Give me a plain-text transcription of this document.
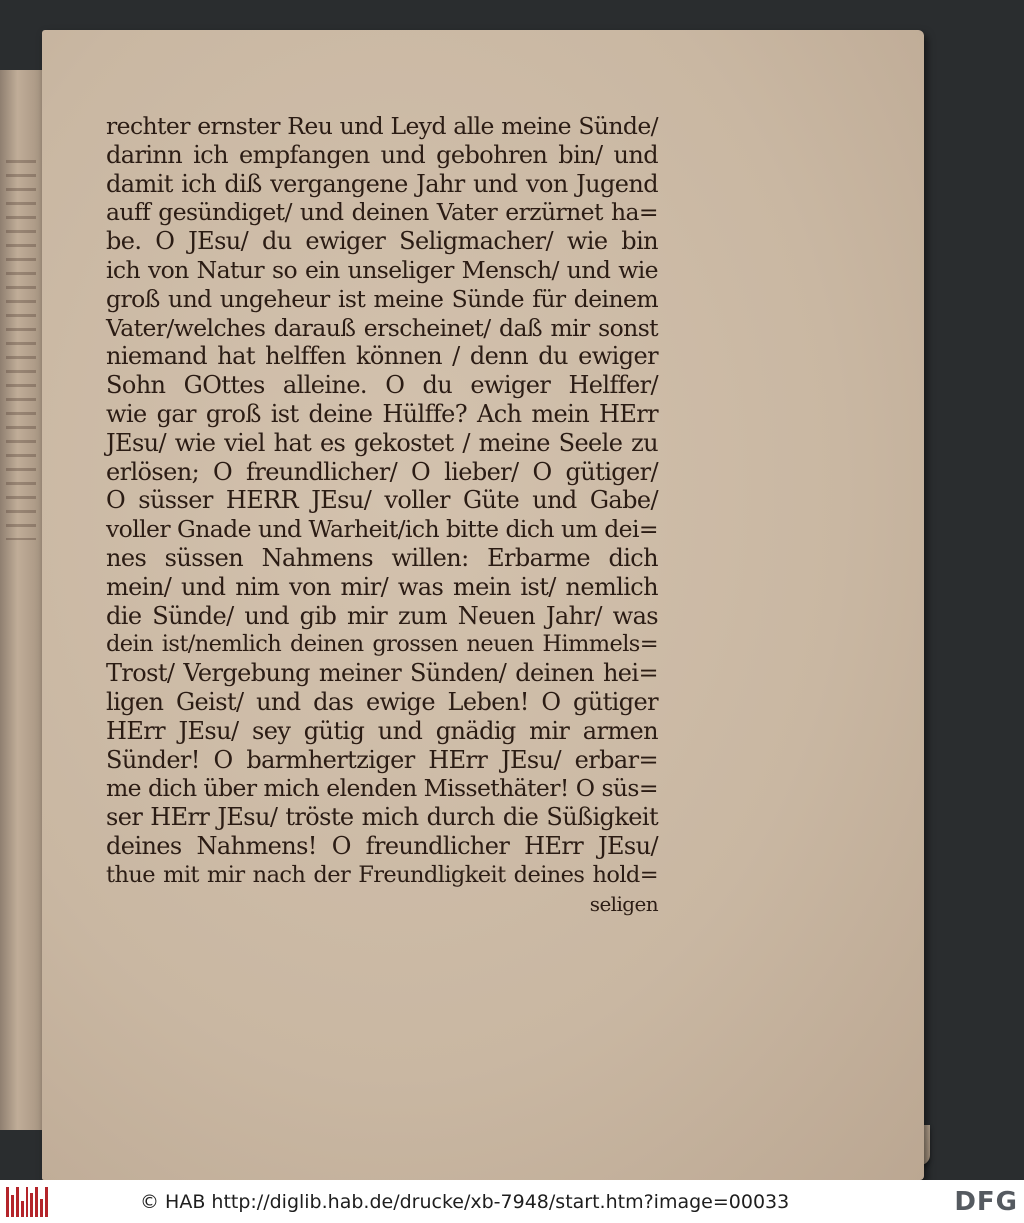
rechter ernster Reu und Leyd alle meine Sünde/
darinn ich empfangen und gebohren bin/ und
damit ich diß vergangene Jahr und von Jugend
auff gesündiget/ und deinen Vater erzürnet ha=
be. O JEsu/ du ewiger Seligmacher/ wie bin
ich von Natur so ein unseliger Mensch/ und wie
groß und ungeheur ist meine Sünde für deinem
Vater/welches darauß erscheinet/ daß mir sonst
niemand hat helffen können / denn du ewiger
Sohn GOttes alleine. O du ewiger Helffer/
wie gar groß ist deine Hülffe? Ach mein HErr
JEsu/ wie viel hat es gekostet / meine Seele zu
erlösen; O freundlicher/ O lieber/ O gütiger/
O süsser HERR JEsu/ voller Güte und Gabe/
voller Gnade und Warheit/ich bitte dich um dei=
nes süssen Nahmens willen: Erbarme dich
mein/ und nim von mir/ was mein ist/ nemlich
die Sünde/ und gib mir zum Neuen Jahr/ was
dein ist/nemlich deinen grossen neuen Himmels=
Trost/ Vergebung meiner Sünden/ deinen hei=
ligen Geist/ und das ewige Leben! O gütiger
HErr JEsu/ sey gütig und gnädig mir armen
Sünder! O barmhertziger HErr JEsu/ erbar=
me dich über mich elenden Missethäter! O süs=
ser HErr JEsu/ tröste mich durch die Süßigkeit
deines Nahmens! O freundlicher HErr JEsu/
thue mit mir nach der Freundligkeit deines hold=
seligen
© HAB http://diglib.hab.de/drucke/xb-7948/start.htm?image=00033	DFG
